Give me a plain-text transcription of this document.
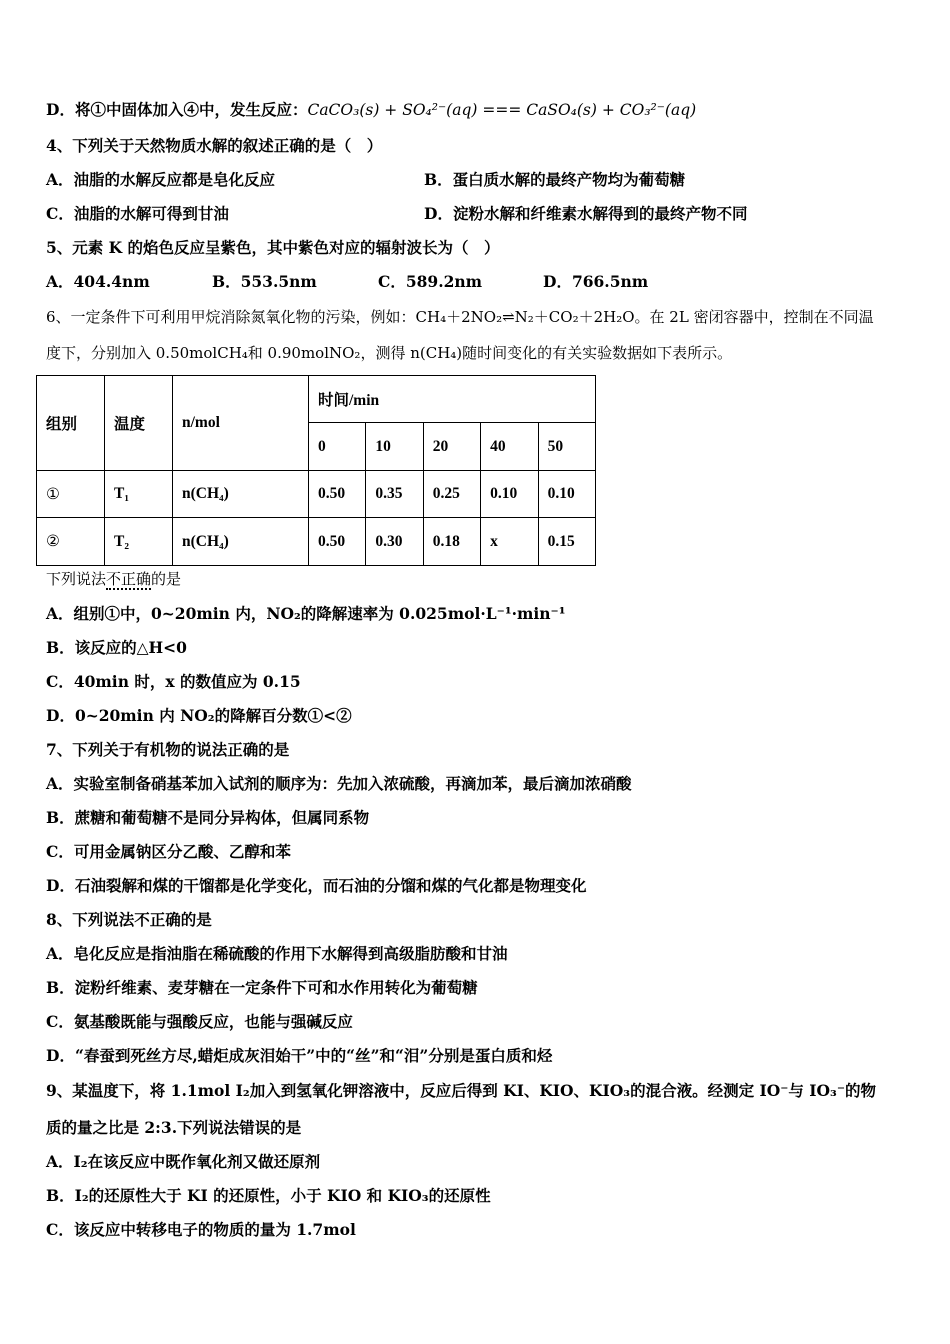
D．将①中固体加入④中，发生反应：CaCO₃(s) + SO₄²⁻(aq) === CaSO₄(s) + CO₃²⁻(aq)
4、下列关于天然物质水解的叙述正确的是（　）
A．油脂的水解反应都是皂化反应	B．蛋白质水解的最终产物均为葡萄糖
C．油脂的水解可得到甘油	D．淀粉水解和纤维素水解得到的最终产物不同
5、元素 K 的焰色反应呈紫色，其中紫色对应的辐射波长为（　）
A．404.4nm	B．553.5nm	C．589.2nm	D．766.5nm
6、一定条件下可利用甲烷消除氮氧化物的污染，例如：CH₄＋2NO₂⇌N₂＋CO₂＋2H₂O。在 2L 密闭容器中，控制在不同温
度下，分别加入 0.50molCH₄和 0.90molNO₂，测得 n(CH₄)随时间变化的有关实验数据如下表所示。
组别	温度	n/mol	时间/min				
			0	10	20	40	50
①	T₁	n(CH₄)	0.50	0.35	0.25	0.10	0.10
②	T₂	n(CH₄)	0.50	0.30	0.18	x	0.15
下列说法不正确的是
A．组别①中，0~20min 内，NO₂的降解速率为 0.025mol·L⁻¹·min⁻¹
B．该反应的△H<0
C．40min 时，x 的数值应为 0.15
D．0~20min 内 NO₂的降解百分数①<②
7、下列关于有机物的说法正确的是
A．实验室制备硝基苯加入试剂的顺序为：先加入浓硫酸，再滴加苯，最后滴加浓硝酸
B．蔗糖和葡萄糖不是同分异构体，但属同系物
C．可用金属钠区分乙酸、乙醇和苯
D．石油裂解和煤的干馏都是化学变化，而石油的分馏和煤的气化都是物理变化
8、下列说法不正确的是
A．皂化反应是指油脂在稀硫酸的作用下水解得到高级脂肪酸和甘油
B．淀粉纤维素、麦芽糖在一定条件下可和水作用转化为葡萄糖
C．氨基酸既能与强酸反应，也能与强碱反应
D．“春蚕到死丝方尽,蜡炬成灰泪始干”中的“丝”和“泪”分别是蛋白质和烃
9、某温度下，将 1.1mol I₂加入到氢氧化钾溶液中，反应后得到 KI、KIO、KIO₃的混合液。经测定 IO⁻与 IO₃⁻的物
质的量之比是 2:3.下列说法错误的是
A．I₂在该反应中既作氧化剂又做还原剂
B．I₂的还原性大于 KI 的还原性，小于 KIO 和 KIO₃的还原性
C．该反应中转移电子的物质的量为 1.7mol
